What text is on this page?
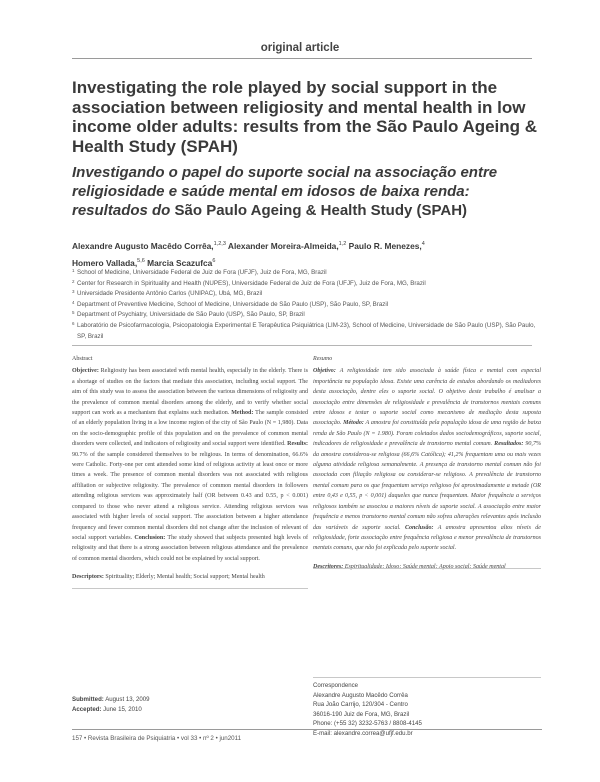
original article
Investigating the role played by social support in the association between religiosity and mental health in low income older adults: results from the São Paulo Ageing & Health Study (SPAH)
Investigando o papel do suporte social na associação entre religiosidade e saúde mental em idosos de baixa renda: resultados do São Paulo Ageing & Health Study (SPAH)
Alexandre Augusto Macêdo Corrêa,$^{1,2,3}$ Alexander Moreira-Almeida,$^{1,2}$ Paulo R. Menezes,$^4$
Homero Vallada,$^{5,6}$ Marcia Scazufca$^6$
1 School of Medicine, Universidade Federal de Juiz de Fora (UFJF), Juiz de Fora, MG, Brazil
2 Center for Research in Spirituality and Health (NUPES), Universidade Federal de Juiz de Fora (UFJF), Juiz de Fora, MG, Brazil
3 Universidade Presidente Antônio Carlos (UNIPAC), Ubá, MG, Brazil
4 Department of Preventive Medicine, School of Medicine, Universidade de São Paulo (USP), São Paulo, SP, Brazil
5 Department of Psychiatry, Universidade de São Paulo (USP), São Paulo, SP, Brazil
6 Laboratório de Psicofarmacologia, Psicopatologia Experimental E Terapêutica Psiquiátrica (LIM-23), School of Medicine, Universidade de São Paulo (USP), São Paulo, SP, Brazil
Abstract
Objective: Religiosity has been associated with mental health, especially in the elderly. There is a shortage of studies on the factors that mediate this association, including social support. The aim of this study was to assess the association between the various dimensions of religiosity and the prevalence of common mental disorders among the elderly, and to verify whether social support can work as a mechanism that explains such mediation. Method: The sample consisted of an elderly population living in a low income region of the city of São Paulo (N = 1,980). Data on the socio-demographic profile of this population and on the prevalence of common mental disorders were collected, and indicators of religiosity and social support were identified. Results: 90.7% of the sample considered themselves to be religious. In terms of denomination, 66.6% were Catholic. Forty-one per cent attended some kind of religious activity at least once or more times a week. The presence of common mental disorders was not associated with religious affiliation or subjective religiosity. The prevalence of common mental disorders in followers attending religious services was approximately half (OR between 0.43 and 0.55, p < 0.001) compared to those who never attend a religious service. Attending religious services was associated with higher levels of social support. The association between a higher attendance frequency and fewer common mental disorders did not change after the inclusion of relevant of social support variables. Conclusion: The study showed that subjects presented high levels of religiosity and that there is a strong association between religious attendance and the prevalence of common mental disorders, which could not be explained by social support.
Descriptors: Spirituality; Elderly; Mental health; Social support; Mental health
Resumo
Objetivo: A religiosidade tem sido associada à saúde física e mental com especial importância na população idosa. Existe uma carência de estudos abordando os mediadores desta associação, dentre eles o suporte social. O objetivo deste trabalho é analisar a associação entre dimensões de religiosidade e prevalência de transtornos mentais comuns entre idosos e testar o suporte social como mecanismo de mediação desta suposta associação. Método: A amostra foi constituída pela população idosa de uma região de baixa renda de São Paulo (N = 1.980). Foram coletados dados sociodemográficos, suporte social, indicadores de religiosidade e prevalência de transtorno mental comum. Resultados: 90,7% da amostra considerou-se religiosa (66,6% Católica); 41,2% frequentam uma ou mais vezes alguma atividade religiosa semanalmente. A presença de transtorno mental comum não foi associada com filiação religiosa ou considerar-se religioso. A prevalência de transtorno mental comum para os que frequentam serviço religioso foi aproximadamente a metade (OR entre 0,43 e 0,55, p < 0,001) daqueles que nunca frequentam. Maior frequência a serviços religiosos também se associou a maiores níveis de suporte social. A associação entre maior frequência e menos transtorno mental comum não sofreu alterações relevantes após inclusão das variáveis de suporte social. Conclusão: A amostra apresentou altos níveis de religiosidade, forte associação entre frequência religiosa e menor prevalência de transtornos mentais comuns, que não foi explicada pelo suporte social.
Descritores: Espiritualidade; Idoso; Saúde mental; Apoio social; Saúde mental
Correspondence
Alexandre Augusto Macêdo Corrêa
Rua João Carrijo, 120/304 - Centro
36016-190 Juiz de Fora, MG, Brazil
Phone: (+55 32) 3232-5763 / 8808-4145
E-mail: alexandre.correa@ufjf.edu.br
Submitted: August 13, 2009
Accepted: June 15, 2010
157 • Revista Brasileira de Psiquiatria • vol 33 • nº 2 • jun2011
